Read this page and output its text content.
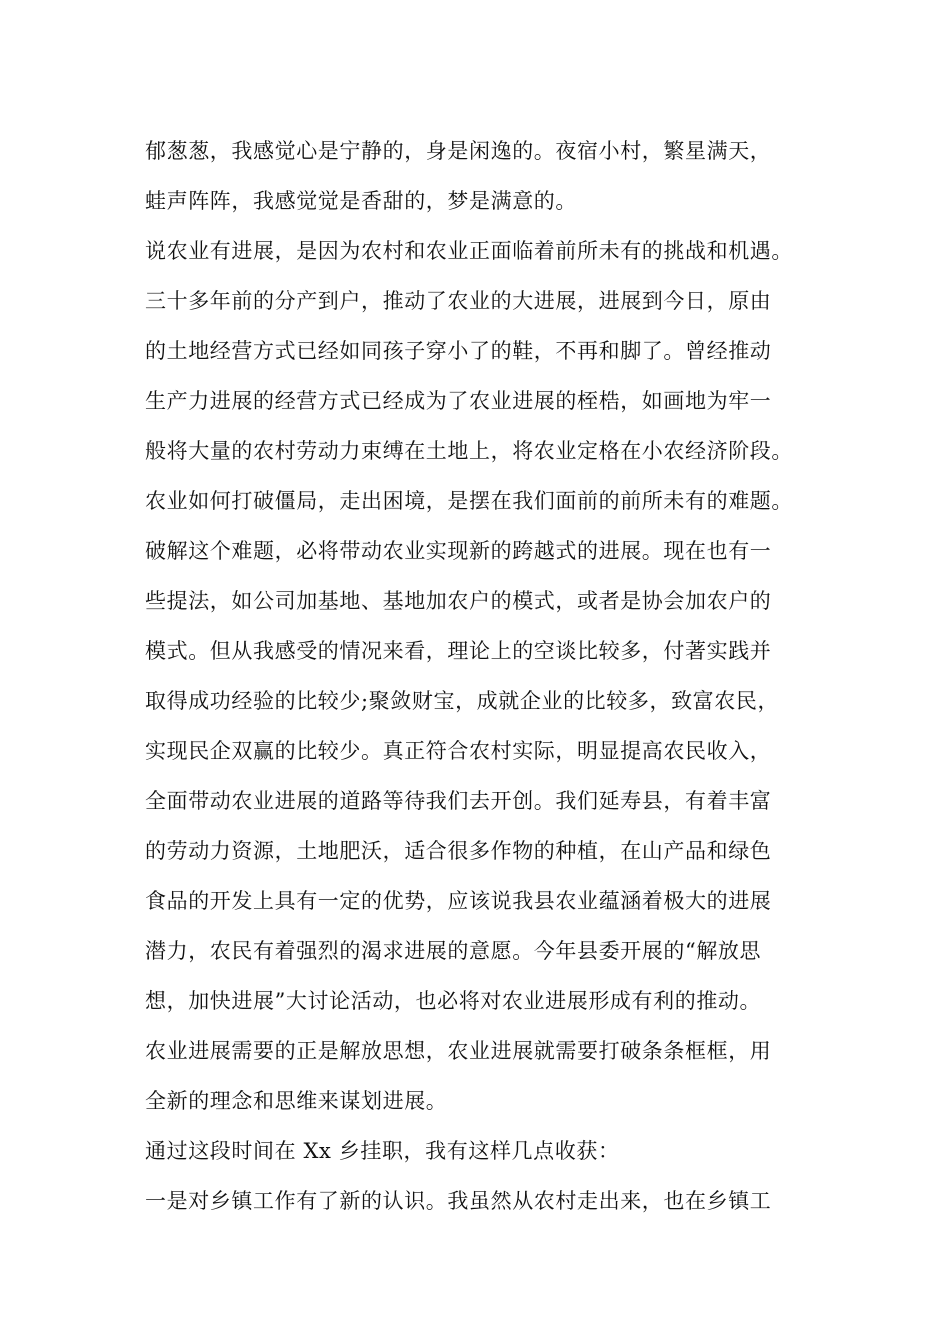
郁葱葱，我感觉心是宁静的，身是闲逸的。夜宿小村，繁星满天，
蛙声阵阵，我感觉觉是香甜的，梦是满意的。
说农业有进展，是因为农村和农业正面临着前所未有的挑战和机遇。
三十多年前的分产到户，推动了农业的大进展，进展到今日，原由
的土地经营方式已经如同孩子穿小了的鞋，不再和脚了。曾经推动
生产力进展的经营方式已经成为了农业进展的桎梏，如画地为牢一
般将大量的农村劳动力束缚在土地上，将农业定格在小农经济阶段。
农业如何打破僵局，走出困境，是摆在我们面前的前所未有的难题。
破解这个难题，必将带动农业实现新的跨越式的进展。现在也有一
些提法，如公司加基地、基地加农户的模式，或者是协会加农户的
模式。但从我感受的情况来看，理论上的空谈比较多，付著实践并
取得成功经验的比较少;聚敛财宝，成就企业的比较多，致富农民，
实现民企双赢的比较少。真正符合农村实际，明显提高农民收入，
全面带动农业进展的道路等待我们去开创。我们延寿县，有着丰富
的劳动力资源，土地肥沃，适合很多作物的种植，在山产品和绿色
食品的开发上具有一定的优势，应该说我县农业蕴涵着极大的进展
潜力，农民有着强烈的渴求进展的意愿。今年县委开展的“解放思
想，加快进展”大讨论活动，也必将对农业进展形成有利的推动。
农业进展需要的正是解放思想，农业进展就需要打破条条框框，用
全新的理念和思维来谋划进展。
通过这段时间在 Xx 乡挂职，我有这样几点收获：
一是对乡镇工作有了新的认识。我虽然从农村走出来，也在乡镇工
